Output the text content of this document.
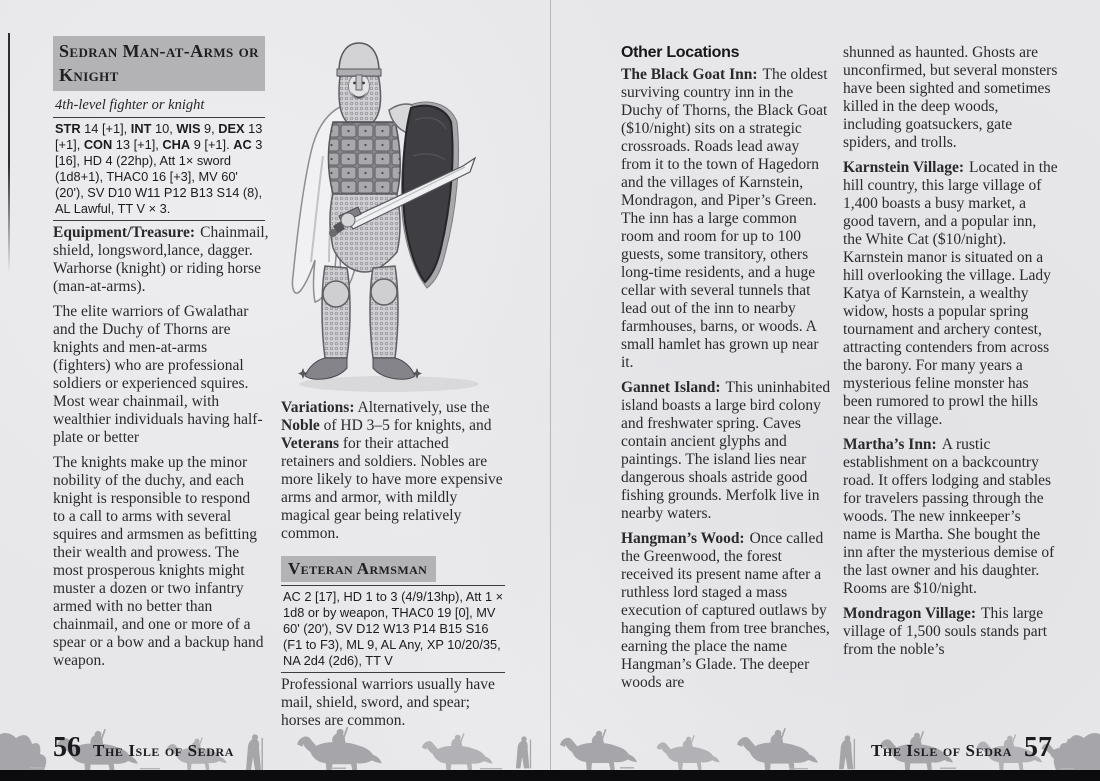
Sedran Man-at-Arms or Knight
4th-level fighter or knight

STR 14 [+1], INT 10, WIS 9, DEX 13 [+1], CON 13 [+1], CHA 9 [+1]. AC 3 [16], HD 4 (22hp), Att 1× sword (1d8+1), THAC0 16 [+3], MV 60' (20'), SV D10 W11 P12 B13 S14 (8), AL Lawful, TT V × 3.

Equipment/Treasure: Chainmail, shield, longsword,lance, dagger. Warhorse (knight) or riding horse (man-at-arms).

The elite warriors of Gwalathar and the Duchy of Thorns are knights and men-at-arms (fighters) who are professional soldiers or experienced squires. Most wear chainmail, with wealthier individuals having half-plate or better

The knights make up the minor nobility of the duchy, and each knight is responsible to respond to a call to arms with several squires and armsmen as befitting their wealth and prowess. The most prosperous knights might muster a dozen or two infantry armed with no better than chainmail, and one or more of a spear or a bow and a backup hand weapon.

Variations: Alternatively, use the Noble of HD 3–5 for knights, and Veterans for their attached retainers and soldiers. Nobles are more likely to have more expensive arms and armor, with mildly magical gear being relatively common.

Veteran Armsman

AC 2 [17], HD 1 to 3 (4/9/13hp), Att 1 × 1d8 or by weapon, THAC0 19 [0], MV 60' (20'), SV D12 W13 P14 B15 S16 (F1 to F3), ML 9, AL Any, XP 10/20/35, NA 2d4 (2d6), TT V

Professional warriors usually have mail, shield, sword, and spear; horses are common.

Other Locations

The Black Goat Inn: The oldest surviving country inn in the Duchy of Thorns, the Black Goat ($10/night) sits on a strategic crossroads. Roads lead away from it to the town of Hagedorn and the villages of Karnstein, Mondragon, and Piper’s Green. The inn has a large common room and room for up to 100 guests, some transitory, others long-time residents, and a huge cellar with several tunnels that lead out of the inn to nearby farmhouses, barns, or woods. A small hamlet has grown up near it.

Gannet Island: This uninhabited island boasts a large bird colony and freshwater spring. Caves contain ancient glyphs and paintings. The island lies near dangerous shoals astride good fishing grounds. Merfolk live in nearby waters.

Hangman’s Wood: Once called the Greenwood, the forest received its present name after a ruthless lord staged a mass execution of captured outlaws by hanging them from tree branches, earning the place the name Hangman’s Glade. The deeper woods are

shunned as haunted. Ghosts are unconfirmed, but several monsters have been sighted and sometimes killed in the deep woods, including goatsuckers, gate spiders, and trolls.

Karnstein Village: Located in the hill country, this large village of 1,400 boasts a busy market, a good tavern, and a popular inn, the White Cat ($10/night). Karnstein manor is situated on a hill overlooking the village. Lady Katya of Karnstein, a wealthy widow, hosts a popular spring tournament and archery contest, attracting contenders from across the barony. For many years a mysterious feline monster has been rumored to prowl the hills near the village.

Martha’s Inn: A rustic establishment on a backcountry road. It offers lodging and stables for travelers passing through the woods. The new innkeeper’s name is Martha. She bought the inn after the mysterious demise of the last owner and his daughter. Rooms are $10/night.

Mondragon Village: This large village of 1,500 souls stands part from the noble’s

56 The Isle of Sedra	The Isle of Sedra 57
